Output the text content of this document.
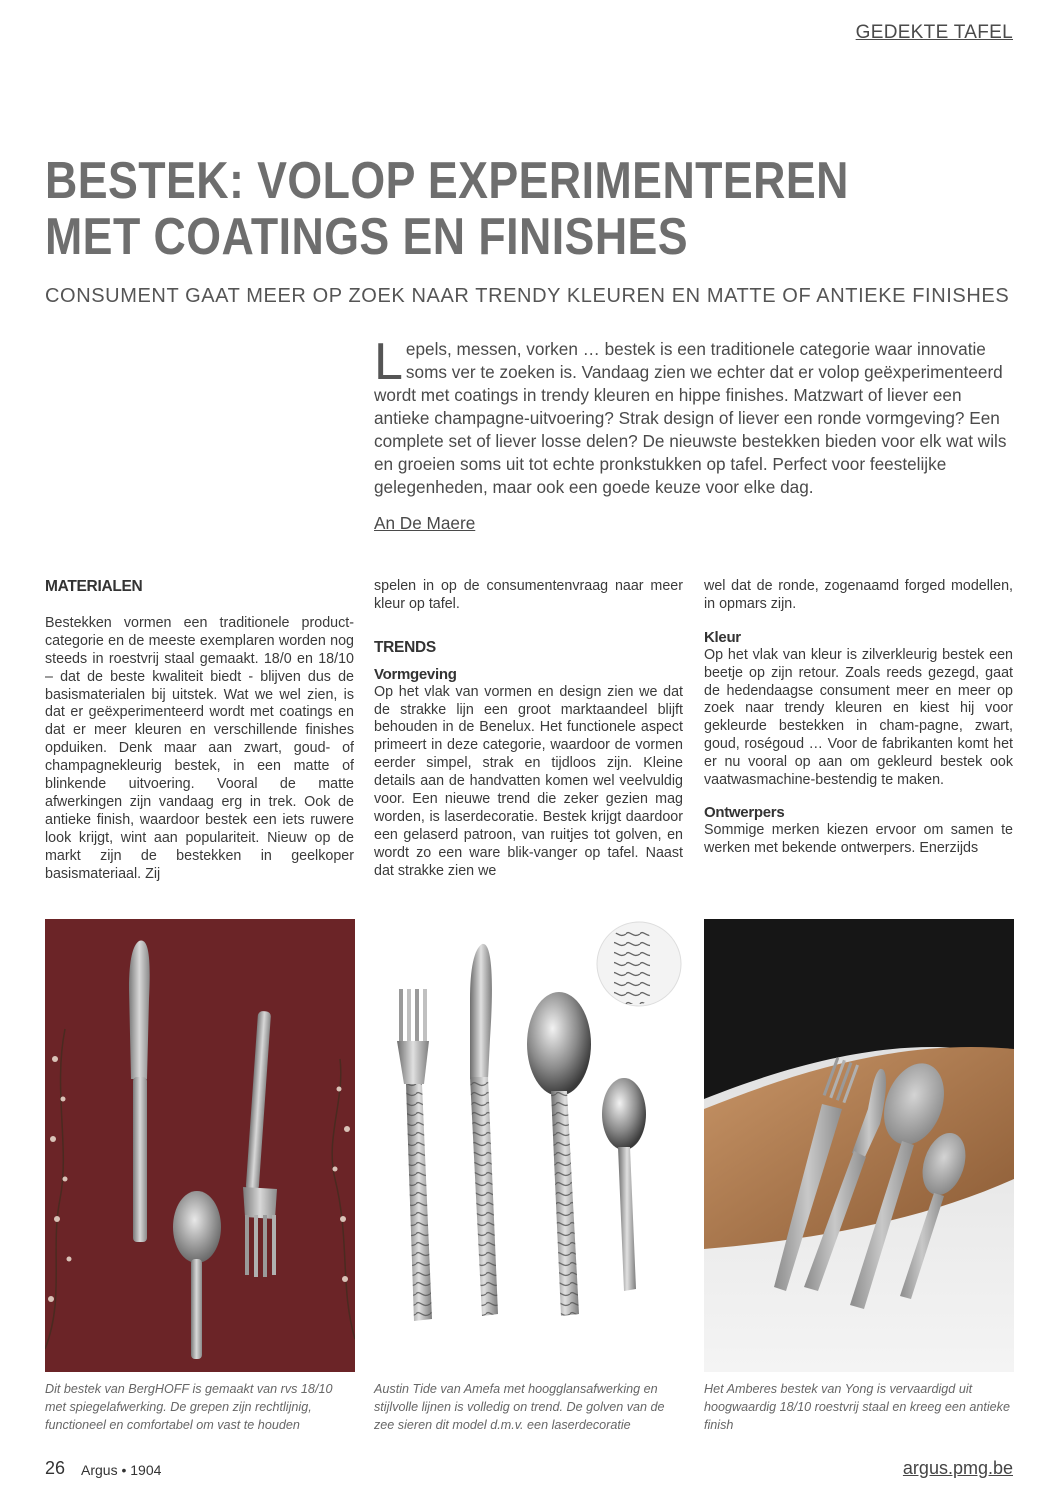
GEDEKTE TAFEL
BESTEK: VOLOP EXPERIMENTEREN
MET COATINGS EN FINISHES
CONSUMENT GAAT MEER OP ZOEK NAAR TRENDY KLEUREN EN MATTE OF ANTIEKE FINISHES

Lepels, messen, vorken … bestek is een traditionele categorie waar innovatie soms ver te zoeken is. Vandaag zien we echter dat er volop geëxperimenteerd wordt met coatings in trendy kleuren en hippe finishes. Matzwart of liever een antieke champagne-uitvoering? Strak design of liever een ronde vormgeving? Een complete set of liever losse delen? De nieuwste bestekken bieden voor elk wat wils en groeien soms uit tot echte pronkstukken op tafel. Perfect voor feestelijke gelegenheden, maar ook een goede keuze voor elke dag.

An De Maere
MATERIALEN

Bestekken vormen een traditionele product-categorie en de meeste exemplaren worden nog steeds in roestvrij staal gemaakt. 18/0 en 18/10 – dat de beste kwaliteit biedt - blijven dus de basismaterialen bij uitstek. Wat we wel zien, is dat er geëxperimenteerd wordt met coatings en dat er meer kleuren en verschillende finishes opduiken. Denk maar aan zwart, goud- of champagnekleurig bestek, in een matte of blinkende uitvoering. Vooral de matte afwerkingen zijn vandaag erg in trek. Ook de antieke finish, waardoor bestek een iets ruwere look krijgt, wint aan populariteit. Nieuw op de markt zijn de bestekken in geelkoper basismateriaal. Zij

spelen in op de consumentenvraag naar meer kleur op tafel.

TRENDS
Vormgeving

Op het vlak van vormen en design zien we dat de strakke lijn een groot marktaandeel blijft behouden in de Benelux. Het functionele aspect primeert in deze categorie, waardoor de vormen eerder simpel, strak en tijdloos zijn. Kleine details aan de handvatten komen wel veelvuldig voor. Een nieuwe trend die zeker gezien mag worden, is laserdecoratie. Bestek krijgt daardoor een gelaserd patroon, van ruitjes tot golven, en wordt zo een ware blik-vanger op tafel. Naast dat strakke zien we

wel dat de ronde, zogenaamd forged modellen, in opmars zijn.

Kleur

Op het vlak van kleur is zilverkleurig bestek een beetje op zijn retour. Zoals reeds gezegd, gaat de hedendaagse consument meer en meer op zoek naar trendy kleuren en kiest hij voor gekleurde bestekken in cham-pagne, zwart, goud, roségoud … Voor de fabrikanten komt het er nu vooral op aan om gekleurd bestek ook vaatwasmachine-bestendig te maken.

Ontwerpers

Sommige merken kiezen ervoor om samen te werken met bekende ontwerpers. Enerzijds

Dit bestek van BergHOFF is gemaakt van rvs 18/10 met spiegelafwerking. De grepen zijn rechtlijnig, functioneel en comfortabel om vast te houden
Austin Tide van Amefa met hoogglansafwerking en stijlvolle lijnen is volledig on trend. De golven van de zee sieren dit model d.m.v. een laserdecoratie
Het Amberes bestek van Yong is vervaardigd uit hoogwaardig 18/10 roestvrij staal en kreeg een antieke finish
26 Argus • 1904	argus.pmg.be
